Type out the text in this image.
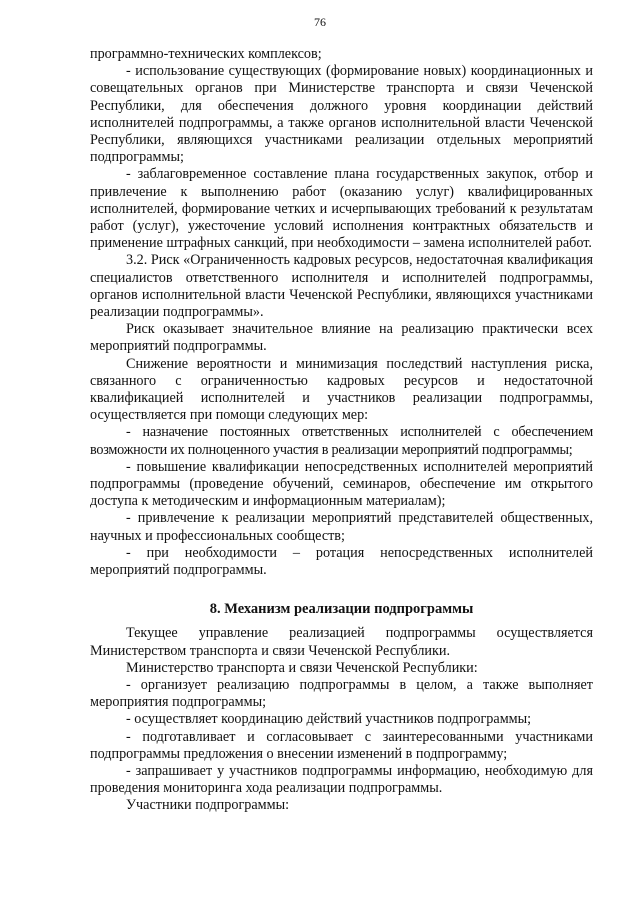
76

программно-технических комплексов;

- использование существующих (формирование новых) координационных и совещательных органов при Министерстве транспорта и связи Чеченской Республики, для обеспечения должного уровня координации действий исполнителей подпрограммы, а также органов исполнительной власти Чеченской Республики, являющихся участниками реализации отдельных мероприятий подпрограммы;

- заблаговременное составление плана государственных закупок, отбор и привлечение к выполнению работ (оказанию услуг) квалифицированных исполнителей, формирование четких и исчерпывающих требований к результатам работ (услуг), ужесточение условий исполнения контрактных обязательств и применение штрафных санкций, при необходимости – замена исполнителей работ.

3.2. Риск «Ограниченность кадровых ресурсов, недостаточная квалификация специалистов ответственного исполнителя и исполнителей подпрограммы, органов исполнительной власти Чеченской Республики, являющихся участниками реализации подпрограммы».

Риск оказывает значительное влияние на реализацию практически всех мероприятий подпрограммы.

Снижение вероятности и минимизация последствий наступления риска, связанного с ограниченностью кадровых ресурсов и недостаточной квалификацией исполнителей и участников реализации подпрограммы, осуществляется при помощи следующих мер:

- назначение постоянных ответственных исполнителей с обеспечением возможности их полноценного участия в реализации мероприятий подпрограммы;

- повышение квалификации непосредственных исполнителей мероприятий подпрограммы (проведение обучений, семинаров, обеспечение им открытого доступа к методическим и информационным материалам);

- привлечение к реализации мероприятий представителей общественных, научных и профессиональных сообществ;

- при необходимости – ротация непосредственных исполнителей мероприятий подпрограммы.

8. Механизм реализации подпрограммы

Текущее управление реализацией подпрограммы осуществляется Министерством транспорта и связи Чеченской Республики.

Министерство транспорта и связи Чеченской Республики:

- организует реализацию подпрограммы в целом, а также выполняет мероприятия подпрограммы;

- осуществляет координацию действий участников подпрограммы;

- подготавливает и согласовывает с заинтересованными участниками подпрограммы предложения о внесении изменений в подпрограмму;

- запрашивает у участников подпрограммы информацию, необходимую для проведения мониторинга хода реализации подпрограммы.

Участники подпрограммы:
